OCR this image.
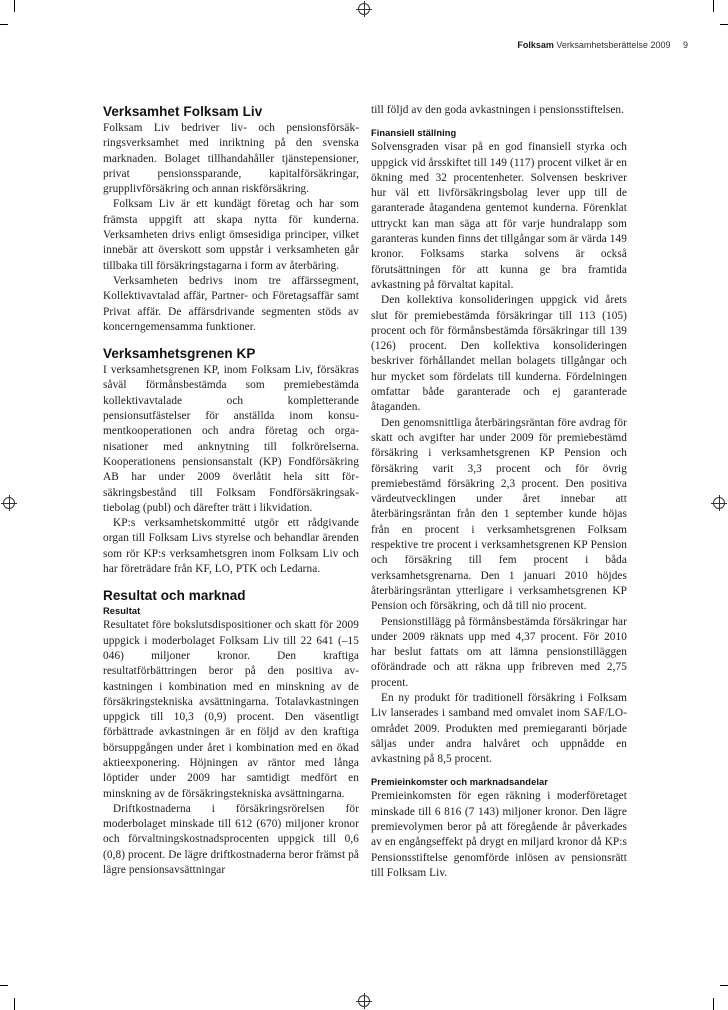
Folksam Verksamhetsberättelse 2009 9
Verksamhet Folksam Liv

Folksam Liv bedriver liv- och pensionsförsäkringsverksamhet med inriktning på den svenska marknaden. Bolaget tillhandahåller tjänstepensioner, privat pensionssparande, kapitalförsäkringar, grupplivförsäkring och annan riskförsäkring.

Folksam Liv är ett kundägt företag och har som främsta uppgift att skapa nytta för kunderna. Verksamheten drivs enligt ömsesidiga principer, vilket innebär att överskott som uppstår i verksamheten går tillbaka till försäkringstagarna i form av återbäring.

Verksamheten bedrivs inom tre affärssegment, Kollektivavtalad affär, Partner- och Företagsaffär samt Privat affär. De affärsdrivande segmenten stöds av koncerngemensamma funktioner.

Verksamhetsgrenen KP

I verksamhetsgrenen KP, inom Folksam Liv, försäkras såväl förmånsbestämda som premiebestämda kollektivavtalade och kompletterande pensionsutfästelser för anställda inom konsumentkooperationen och andra företag och organisationer med anknytning till folkrörelserna. Kooperationens pensionsanstalt (KP) Fondförsäkring AB har under 2009 överlåtit hela sitt försäkringsbestånd till Folksam Fondförsäkringsaktiebolag (publ) och därefter trätt i likvidation.

KP:s verksamhetskommitté utgör ett rådgivande organ till Folksam Livs styrelse och behandlar ärenden som rör KP:s verksamhetsgren inom Folksam Liv och har företrädare från KF, LO, PTK och Ledarna.

Resultat och marknad
Resultat

Resultatet före bokslutsdispositioner och skatt för 2009 uppgick i moderbolaget Folksam Liv till 22 641 (–15 046) miljoner kronor. Den kraftiga resultatförbättringen beror på den positiva avkastningen i kombination med en minskning av de försäkringstekniska avsättningarna. Totalavkastningen uppgick till 10,3 (0,9) procent. Den väsentligt förbättrade avkastningen är en följd av den kraftiga börsuppgången under året i kombination med en ökad aktieexponering. Höjningen av räntor med långa löptider under 2009 har samtidigt medfört en minskning av de försäkringstekniska avsättningarna.

Driftkostnaderna i försäkringsrörelsen för moderbolaget minskade till 612 (670) miljoner kronor och förvaltningskostnadsprocenten uppgick till 0,6 (0,8) procent. De lägre driftkostnaderna beror främst på lägre pensionsavsättningar

till följd av den goda avkastningen i pensionsstiftelsen.

Finansiell ställning

Solvensgraden visar på en god finansiell styrka och uppgick vid årsskiftet till 149 (117) procent vilket är en ökning med 32 procentenheter. Solvensen beskriver hur väl ett livförsäkringsbolag lever upp till de garanterade åtagandena gentemot kunderna. Förenklat uttryckt kan man säga att för varje hundralapp som garanteras kunden finns det tillgångar som är värda 149 kronor. Folksams starka solvens är också förutsättningen för att kunna ge bra framtida avkastning på förvaltat kapital.

Den kollektiva konsolideringen uppgick vid årets slut för premiebestämda försäkringar till 113 (105) procent och för förmånsbestämda försäkringar till 139 (126) procent. Den kollektiva konsolideringen beskriver förhållandet mellan bolagets tillgångar och hur mycket som fördelats till kunderna. Fördelningen omfattar både garanterade och ej garanterade åtaganden.

Den genomsnittliga återbäringsräntan före avdrag för skatt och avgifter har under 2009 för premiebestämd försäkring i verksamhetsgrenen KP Pension och försäkring varit 3,3 procent och för övrig premiebestämd försäkring 2,3 procent. Den positiva värdeutvecklingen under året innebar att återbäringsräntan från den 1 september kunde höjas från en procent i verksamhetsgrenen Folksam respektive tre procent i verksamhetsgrenen KP Pension och försäkring till fem procent i båda verksamhetsgrenarna. Den 1 januari 2010 höjdes återbäringsräntan ytterligare i verksamhetsgrenen KP Pension och försäkring, och då till nio procent.

Pensionstillägg på förmånsbestämda försäkringar har under 2009 räknats upp med 4,37 procent. För 2010 har beslut fattats om att lämna pensionstilläggen oförändrade och att räkna upp fribreven med 2,75 procent.

En ny produkt för traditionell försäkring i Folksam Liv lanserades i samband med omvalet inom SAF/LO-området 2009. Produkten med premiegaranti började säljas under andra halvåret och uppnådde en avkastning på 8,5 procent.

Premieinkomster och marknadsandelar

Premieinkomsten för egen räkning i moderföretaget minskade till 6 816 (7 143) miljoner kronor. Den lägre premievolymen beror på att föregående år påverkades av en engångseffekt på drygt en miljard kronor då KP:s Pensionsstiftelse genomförde inlösen av pensionsrätt till Folksam Liv.
